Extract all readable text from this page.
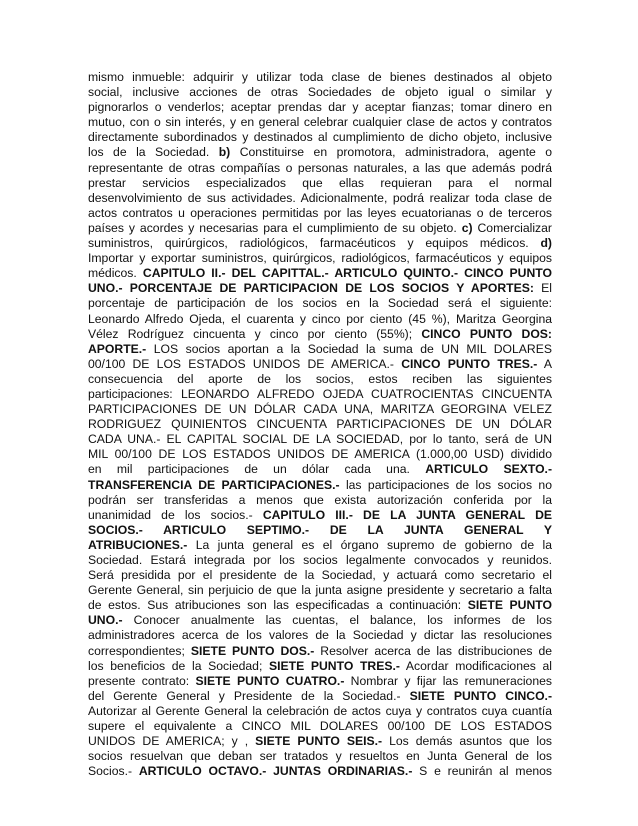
mismo inmueble: adquirir y utilizar toda clase de bienes destinados al objeto
social, inclusive acciones de otras Sociedades de objeto igual o similar y
pignorarlos o venderlos; aceptar prendas dar y aceptar fianzas; tomar dinero en
mutuo, con o sin interés, y en general celebrar cualquier clase de actos y contratos
directamente subordinados y destinados al cumplimiento de dicho objeto, inclusive
los de la Sociedad. b) Constituirse en promotora, administradora, agente o
representante de otras compañías o personas naturales, a las que además podrá
prestar servicios especializados que ellas requieran para el normal
desenvolvimiento de sus actividades. Adicionalmente, podrá realizar toda clase de
actos contratos u operaciones permitidas por las leyes ecuatorianas o de terceros
países y acordes y necesarias para el cumplimiento de su objeto. c) Comercializar
suministros, quirúrgicos, radiológicos, farmacéuticos y equipos médicos. d)
Importar y exportar suministros, quirúrgicos, radiológicos, farmacéuticos y equipos
médicos. CAPITULO II.- DEL CAPITTAL.- ARTICULO QUINTO.- CINCO PUNTO
UNO.- PORCENTAJE DE PARTICIPACION DE LOS SOCIOS Y APORTES: El
porcentaje de participación de los socios en la Sociedad será el siguiente:
Leonardo Alfredo Ojeda, el cuarenta y cinco por ciento (45 %), Maritza Georgina
Vélez Rodríguez cincuenta y cinco por ciento (55%); CINCO PUNTO DOS:
APORTE.- LOS socios aportan a la Sociedad la suma de UN MIL DOLARES
00/100 DE LOS ESTADOS UNIDOS DE AMERICA.- CINCO PUNTO TRES.- A
consecuencia del aporte de los socios, estos reciben las siguientes
participaciones: LEONARDO ALFREDO OJEDA CUATROCIENTAS CINCUENTA
PARTICIPACIONES DE UN DÓLAR CADA UNA, MARITZA GEORGINA VELEZ
RODRIGUEZ QUINIENTOS CINCUENTA PARTICIPACIONES DE UN DÓLAR
CADA UNA.- EL CAPITAL SOCIAL DE LA SOCIEDAD, por lo tanto, será de UN
MIL 00/100 DE LOS ESTADOS UNIDOS DE AMERICA (1.000,00 USD) dividido
en mil participaciones de un dólar cada una. ARTICULO SEXTO.-
TRANSFERENCIA DE PARTICIPACIONES.- las participaciones de los socios no
podrán ser transferidas a menos que exista autorización conferida por la
unanimidad de los socios.- CAPITULO III.- DE LA JUNTA GENERAL DE
SOCIOS.- ARTICULO SEPTIMO.- DE LA JUNTA GENERAL Y
ATRIBUCIONES.- La junta general es el órgano supremo de gobierno de la
Sociedad. Estará integrada por los socios legalmente convocados y reunidos.
Será presidida por el presidente de la Sociedad, y actuará como secretario el
Gerente General, sin perjuicio de que la junta asigne presidente y secretario a falta
de estos. Sus atribuciones son las especificadas a continuación: SIETE PUNTO
UNO.- Conocer anualmente las cuentas, el balance, los informes de los
administradores acerca de los valores de la Sociedad y dictar las resoluciones
correspondientes; SIETE PUNTO DOS.- Resolver acerca de las distribuciones de
los beneficios de la Sociedad; SIETE PUNTO TRES.- Acordar modificaciones al
presente contrato: SIETE PUNTO CUATRO.- Nombrar y fijar las remuneraciones
del Gerente General y Presidente de la Sociedad.- SIETE PUNTO CINCO.-
Autorizar al Gerente General la celebración de actos cuya y contratos cuya cuantía
supere el equivalente a CINCO MIL DOLARES 00/100 DE LOS ESTADOS
UNIDOS DE AMERICA; y , SIETE PUNTO SEIS.- Los demás asuntos que los
socios resuelvan que deban ser tratados y resueltos en Junta General de los
Socios.- ARTICULO OCTAVO.- JUNTAS ORDINARIAS.- S e reunirán al menos
